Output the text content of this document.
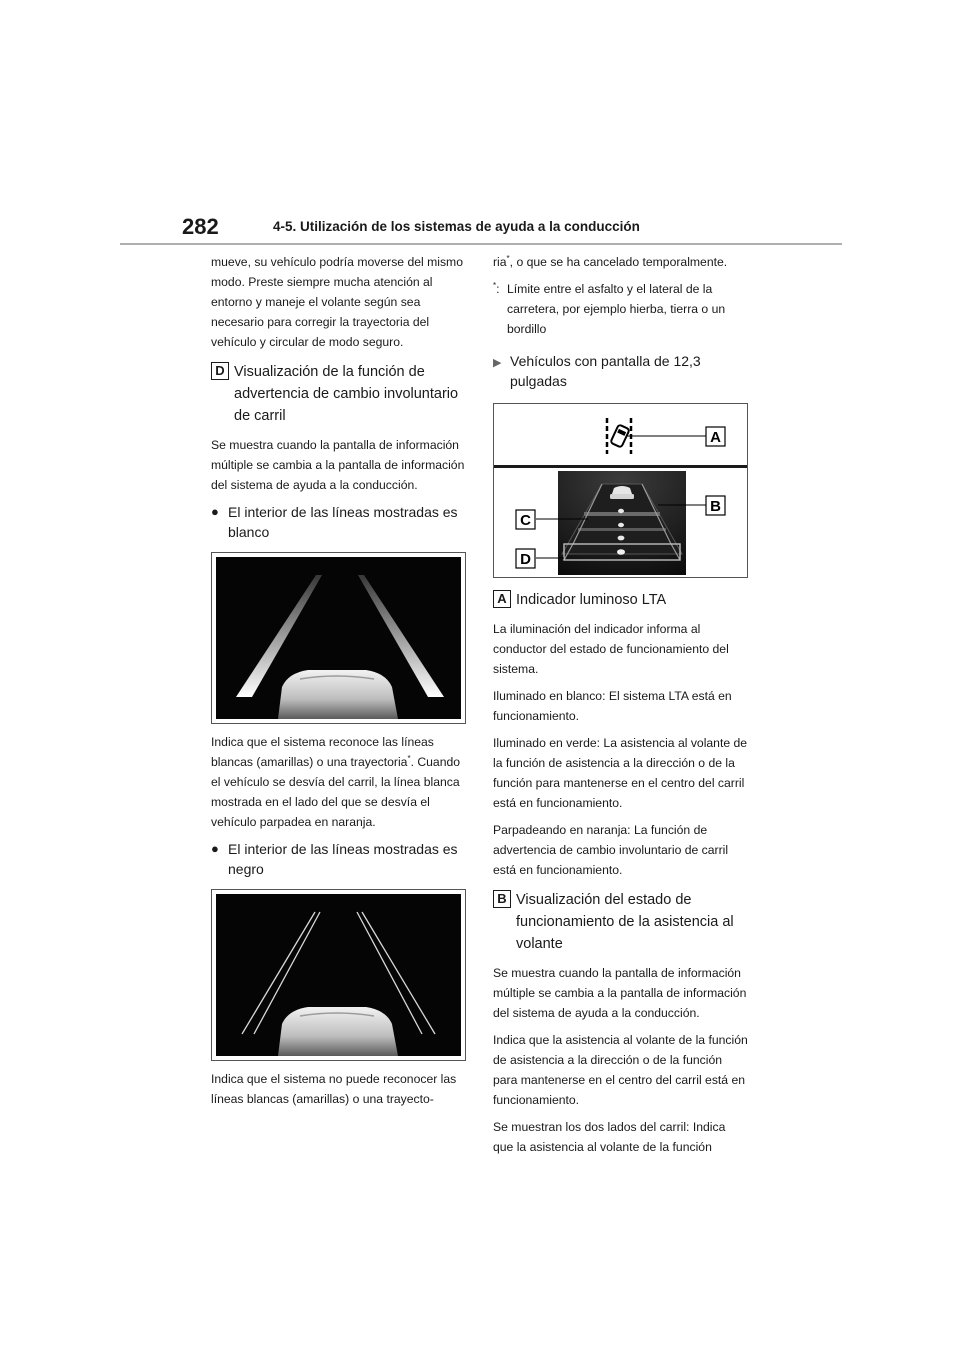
282	4-5. Utilización de los sistemas de ayuda a la conducción

mueve, su vehículo podría moverse del mismo modo. Preste siempre mucha atención al entorno y maneje el volante según sea necesario para corregir la trayectoria del vehículo y circular de modo seguro.

D Visualización de la función de advertencia de cambio involuntario de carril

Se muestra cuando la pantalla de información múltiple se cambia a la pantalla de información del sistema de ayuda a la conducción.

● El interior de las líneas mostradas es blanco

Indica que el sistema reconoce las líneas blancas (amarillas) o una trayectoria*. Cuando el vehículo se desvía del carril, la línea blanca mostrada en el lado del que se desvía el vehículo parpadea en naranja.

● El interior de las líneas mostradas es negro

Indica que el sistema no puede reconocer las líneas blancas (amarillas) o una trayecto-

ria*, o que se ha cancelado temporalmente.

*: Límite entre el asfalto y el lateral de la carretera, por ejemplo hierba, tierra o un bordillo
▶ Vehículos con pantalla de 12,3 pulgadas
A
B
C
D
A Indicador luminoso LTA

La iluminación del indicador informa al conductor del estado de funcionamiento del sistema.

Iluminado en blanco: El sistema LTA está en funcionamiento.

Iluminado en verde: La asistencia al volante de la función de asistencia a la dirección o de la función para mantenerse en el centro del carril está en funcionamiento.

Parpadeando en naranja: La función de advertencia de cambio involuntario de carril está en funcionamiento.

B Visualización del estado de funcionamiento de la asistencia al volante

Se muestra cuando la pantalla de información múltiple se cambia a la pantalla de información del sistema de ayuda a la conducción.

Indica que la asistencia al volante de la función de asistencia a la dirección o de la función para mantenerse en el centro del carril está en funcionamiento.

Se muestran los dos lados del carril: Indica que la asistencia al volante de la función
